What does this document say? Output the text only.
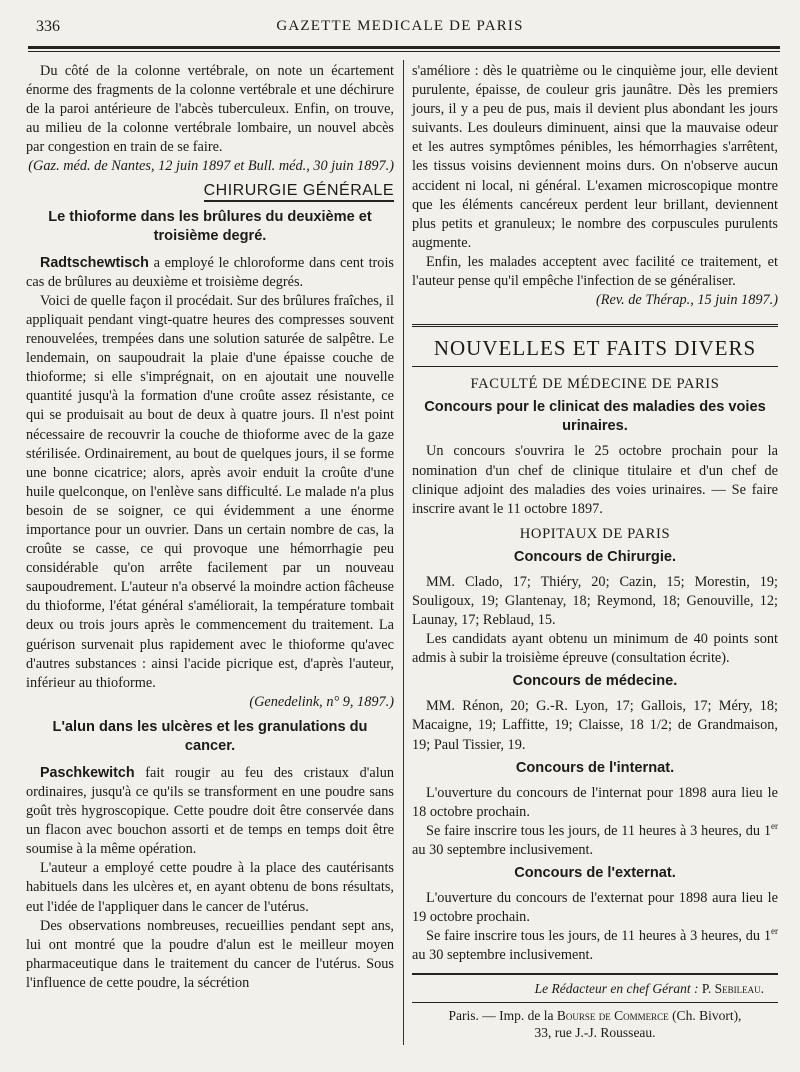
336	GAZETTE MEDICALE DE PARIS

Du côté de la colonne vertébrale, on note un écartement énorme des fragments de la colonne vertébrale et une déchirure de la paroi antérieure de l'abcès tuberculeux. Enfin, on trouve, au milieu de la colonne vertébrale lombaire, un nouvel abcès par congestion en train de se faire.

(Gaz. méd. de Nantes, 12 juin 1897 et Bull. méd., 30 juin 1897.)

CHIRURGIE GÉNÉRALE
Le thioforme dans les brûlures du deuxième et troisième degré.

Radtschewtisch a employé le chloroforme dans cent trois cas de brûlures au deuxième et troisième degrés.

Voici de quelle façon il procédait. Sur des brûlures fraîches, il appliquait pendant vingt-quatre heures des compresses souvent renouvelées, trempées dans une solution saturée de salpêtre. Le lendemain, on saupoudrait la plaie d'une épaisse couche de thioforme; si elle s'imprégnait, on en ajoutait une nouvelle quantité jusqu'à la formation d'une croûte assez résistante, ce qui se produisait au bout de deux à quatre jours. Il n'est point nécessaire de recouvrir la couche de thioforme avec de la gaze stérilisée. Ordinairement, au bout de quelques jours, il se forme une bonne cicatrice; alors, après avoir enduit la croûte d'une huile quelconque, on l'enlève sans difficulté. Le malade n'a plus besoin de se soigner, ce qui évidemment a une énorme importance pour un ouvrier. Dans un certain nombre de cas, la croûte se casse, ce qui provoque une hémorrhagie peu considérable qu'on arrête facilement par un nouveau saupoudrement. L'auteur n'a observé la moindre action fâcheuse du thioforme, l'état général s'améliorait, la température tombait deux ou trois jours après le commencement du traitement. La guérison survenait plus rapidement avec le thioforme qu'avec d'autres substances : ainsi l'acide picrique est, d'après l'auteur, inférieur au thioforme.

(Genedelink, n° 9, 1897.)

L'alun dans les ulcères et les granulations du cancer.

Paschkewitch fait rougir au feu des cristaux d'alun ordinaires, jusqu'à ce qu'ils se transforment en une poudre sans goût très hygroscopique. Cette poudre doit être conservée dans un flacon avec bouchon assorti et de temps en temps doit être soumise à la même opération.

L'auteur a employé cette poudre à la place des cautérisants habituels dans les ulcères et, en ayant obtenu de bons résultats, eut l'idée de l'appliquer dans le cancer de l'utérus.

Des observations nombreuses, recueillies pendant sept ans, lui ont montré que la poudre d'alun est le meilleur moyen pharmaceutique dans le traitement du cancer de l'utérus. Sous l'influence de cette poudre, la sécrétion

s'améliore : dès le quatrième ou le cinquième jour, elle devient purulente, épaisse, de couleur gris jaunâtre. Dès les premiers jours, il y a peu de pus, mais il devient plus abondant les jours suivants. Les douleurs diminuent, ainsi que la mauvaise odeur et les autres symptômes pénibles, les hémorrhagies s'arrêtent, les tissus voisins deviennent moins durs. On n'observe aucun accident ni local, ni général. L'examen microscopique montre que les éléments cancéreux perdent leur brillant, deviennent plus petits et granuleux; le nombre des corpuscules purulents augmente.

Enfin, les malades acceptent avec facilité ce traitement, et l'auteur pense qu'il empêche l'infection de se généraliser.

(Rev. de Thérap., 15 juin 1897.)

NOUVELLES ET FAITS DIVERS
FACULTÉ DE MÉDECINE DE PARIS
Concours pour le clinicat des maladies des voies urinaires.

Un concours s'ouvrira le 25 octobre prochain pour la nomination d'un chef de clinique titulaire et d'un chef de clinique adjoint des maladies des voies urinaires. — Se faire inscrire avant le 11 octobre 1897.

HOPITAUX DE PARIS
Concours de Chirurgie.

MM. Clado, 17; Thiéry, 20; Cazin, 15; Morestin, 19; Souligoux, 19; Glantenay, 18; Reymond, 18; Genouville, 12; Launay, 17; Reblaud, 15.

Les candidats ayant obtenu un minimum de 40 points sont admis à subir la troisième épreuve (consultation écrite).

Concours de médecine.

MM. Rénon, 20; G.-R. Lyon, 17; Gallois, 17; Méry, 18; Macaigne, 19; Laffitte, 19; Claisse, 18 1/2; de Grandmaison, 19; Paul Tissier, 19.

Concours de l'internat.

L'ouverture du concours de l'internat pour 1898 aura lieu le 18 octobre prochain.

Se faire inscrire tous les jours, de 11 heures à 3 heures, du 1er au 30 septembre inclusivement.

Concours de l'externat.

L'ouverture du concours de l'externat pour 1898 aura lieu le 19 octobre prochain.

Se faire inscrire tous les jours, de 11 heures à 3 heures, du 1er au 30 septembre inclusivement.

Le Rédacteur en chef Gérant : P. Sebileau.
Paris. — Imp. de la Bourse de Commerce (Ch. Bivort),
33, rue J.-J. Rousseau.
